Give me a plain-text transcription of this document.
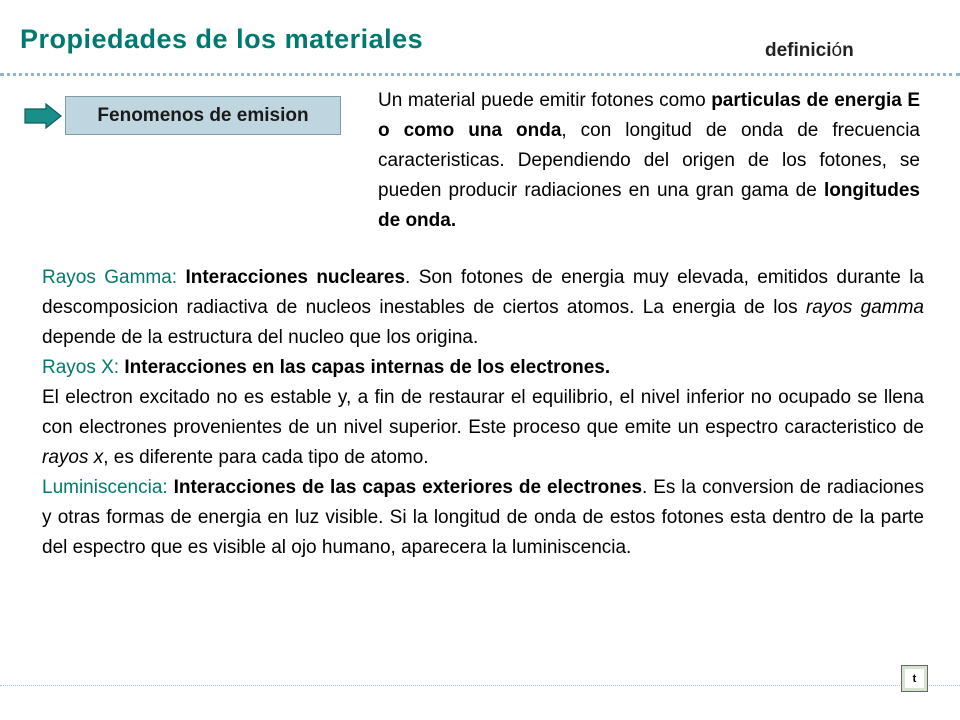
Propiedades de los materiales	definición
Fenomenos de emision

Un material puede emitir fotones como particulas de energia E o como una onda, con longitud de onda de frecuencia caracteristicas. Dependiendo del origen de los fotones, se pueden producir radiaciones en una gran gama de longitudes de onda.

Rayos Gamma: Interacciones nucleares. Son fotones de energia muy elevada, emitidos durante la descomposicion radiactiva de nucleos inestables de ciertos atomos. La energia de los rayos gamma depende de la estructura del nucleo que los origina.

Rayos X: Interacciones en las capas internas de los electrones.

El electron excitado no es estable y, a fin de restaurar el equilibrio, el nivel inferior no ocupado se llena con electrones provenientes de un nivel superior. Este proceso que emite un espectro caracteristico de rayos x, es diferente para cada tipo de atomo.

Luminiscencia: Interacciones de las capas exteriores de electrones. Es la conversion de radiaciones y otras formas de energia en luz visible. Si la longitud de onda de estos fotones esta dentro de la parte del espectro que es visible al ojo humano, aparecera la luminiscencia.

t
